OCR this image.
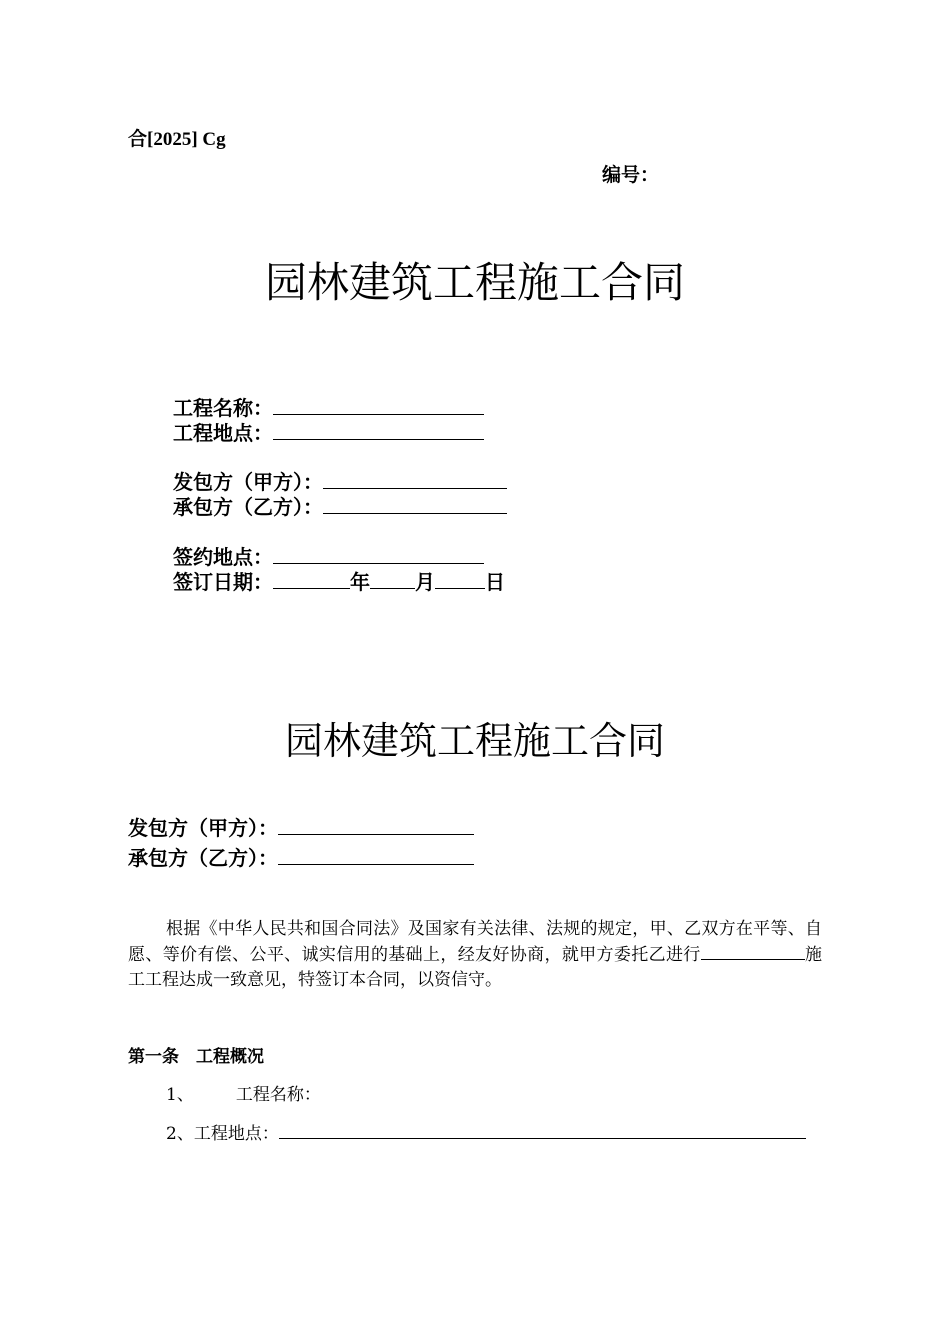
合[2025] Cg
编号：
园林建筑工程施工合同
工程名称：
工程地点：
发包方（甲方）：
承包方（乙方）：
签约地点：
签订日期：	年 月	日
园林建筑工程施工合同
发包方（甲方）：
承包方（乙方）：
根据《中华人民共和国合同法》及国家有关法律、法规的规定，甲、乙双方在平等、自愿、等价有偿、公平、诚实信用的基础上，经友好协商，就甲方委托乙进行	施工工程达成一致意见，特签订本合同，以资信守。
第一条　工程概况
1、 工程名称：
2、工程地点：
